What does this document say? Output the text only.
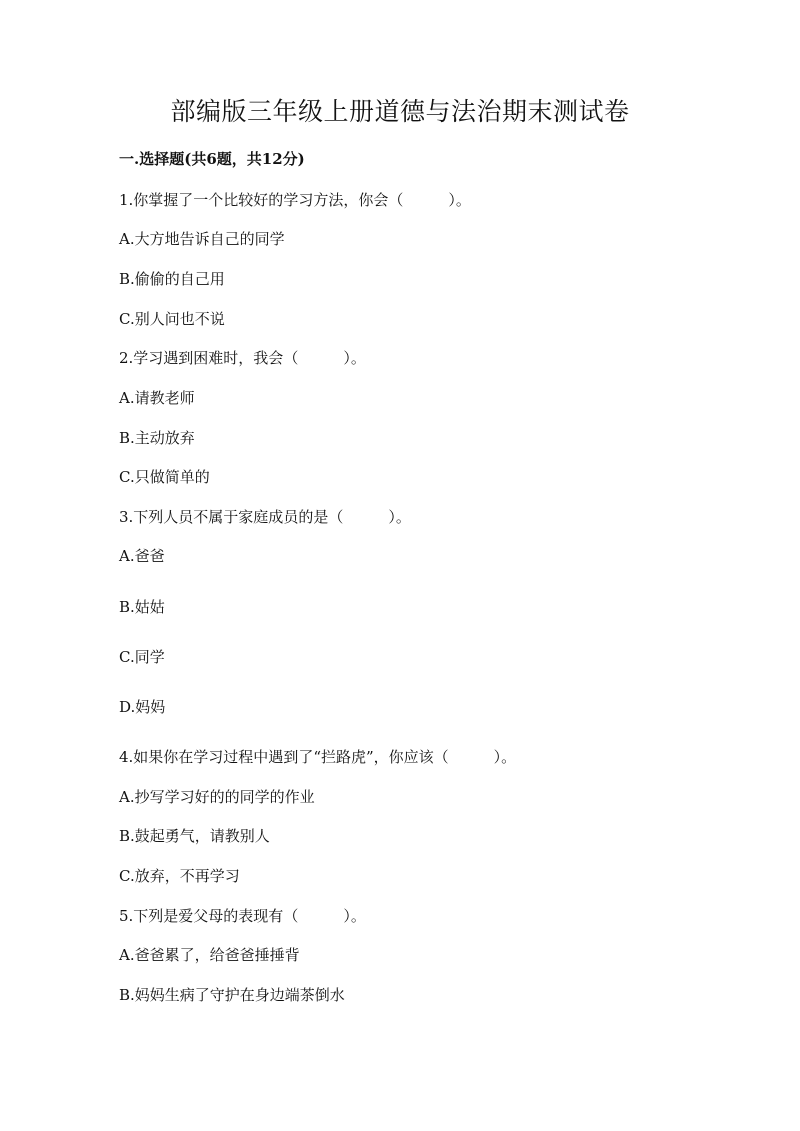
部编版三年级上册道德与法治期末测试卷
一.选择题(共6题，共12分)
1.你掌握了一个比较好的学习方法，你会（　　　）。
A.大方地告诉自己的同学
B.偷偷的自己用
C.别人问也不说
2.学习遇到困难时，我会（　　　）。
A.请教老师
B.主动放弃
C.只做简单的
3.下列人员不属于家庭成员的是（　　　）。
A.爸爸
B.姑姑
C.同学
D.妈妈
4.如果你在学习过程中遇到了“拦路虎”，你应该（　　　）。
A.抄写学习好的的同学的作业
B.鼓起勇气，请教别人
C.放弃，不再学习
5.下列是爱父母的表现有（　　　）。
A.爸爸累了，给爸爸捶捶背
B.妈妈生病了守护在身边端茶倒水
